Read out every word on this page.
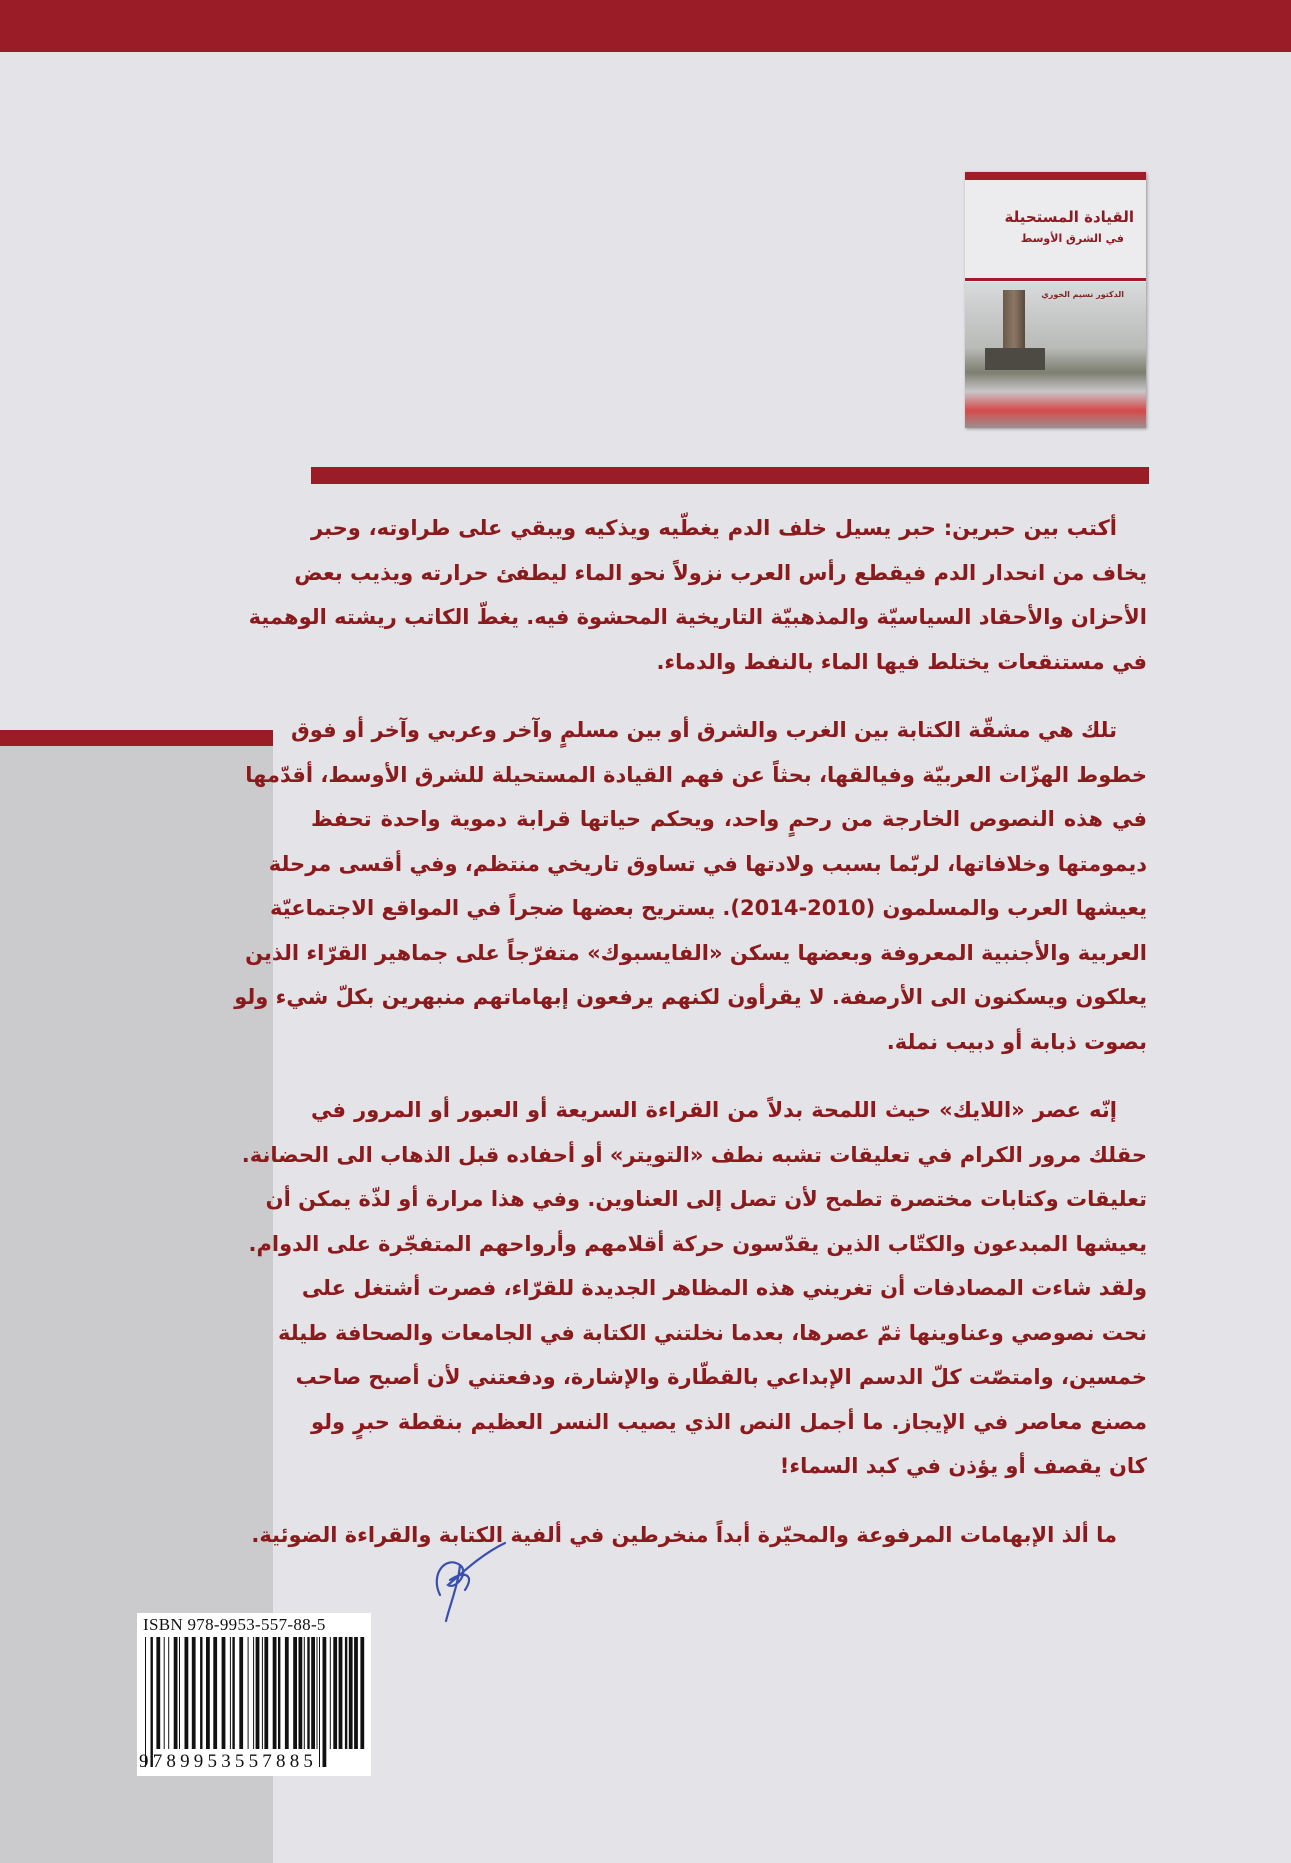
القيادة المستحيلة
في الشرق الأوسط
الدكتور نسيم الخوري
أكتب بين حبرين: حبر يسيل خلف الدم يغطّيه ويذكيه ويبقي على طراوته، وحبر
يخاف من انحدار الدم فيقطع رأس العرب نزولاً نحو الماء ليطفئ حرارته ويذيب بعض
الأحزان والأحقاد السياسيّة والمذهبيّة التاريخية المحشوة فيه. يغطّ الكاتب ريشته الوهمية
في مستنقعات يختلط فيها الماء بالنفط والدماء.
تلك هي مشقّة الكتابة بين الغرب والشرق أو بين مسلمٍ وآخر وعربي وآخر أو فوق
خطوط الهزّات العربيّة وفيالقها، بحثاً عن فهم القيادة المستحيلة للشرق الأوسط، أقدّمها
في هذه النصوص الخارجة من رحمٍ واحد، ويحكم حياتها قرابة دموية واحدة تحفظ
ديمومتها وخلافاتها، لربّما بسبب ولادتها في تساوق تاريخي منتظم، وفي أقسى مرحلة
يعيشها العرب والمسلمون (2010-2014). يستريح بعضها ضجراً في المواقع الاجتماعيّة
العربية والأجنبية المعروفة وبعضها يسكن «الفايسبوك» متفرّجاً على جماهير القرّاء الذين
يعلكون ويسكنون الى الأرصفة. لا يقرأون لكنهم يرفعون إبهاماتهم منبهرين بكلّ شيء ولو
بصوت ذبابة أو دبيب نملة.
إنّه عصر «اللايك» حيث اللمحة بدلاً من القراءة السريعة أو العبور أو المرور في
حقلك مرور الكرام في تعليقات تشبه نطف «التويتر» أو أحفاده قبل الذهاب الى الحضانة.
تعليقات وكتابات مختصرة تطمح لأن تصل إلى العناوين. وفي هذا مرارة أو لذّة يمكن أن
يعيشها المبدعون والكتّاب الذين يقدّسون حركة أقلامهم وأرواحهم المتفجّرة على الدوام.
ولقد شاءت المصادفات أن تغريني هذه المظاهر الجديدة للقرّاء، فصرت أشتغل على
نحت نصوصي وعناوينها ثمّ عصرها، بعدما نخلتني الكتابة في الجامعات والصحافة طيلة
خمسين، وامتصّت كلّ الدسم الإبداعي بالقطّارة والإشارة، ودفعتني لأن أصبح صاحب
مصنع معاصر في الإيجاز. ما أجمل النص الذي يصيب النسر العظيم بنقطة حبرٍ ولو
كان يقصف أو يؤذن في كبد السماء!
ما ألذ الإبهامات المرفوعة والمحيّرة أبداً منخرطين في ألفية الكتابة والقراءة الضوئية.
ISBN 978-9953-557-88-5
9789953557885
